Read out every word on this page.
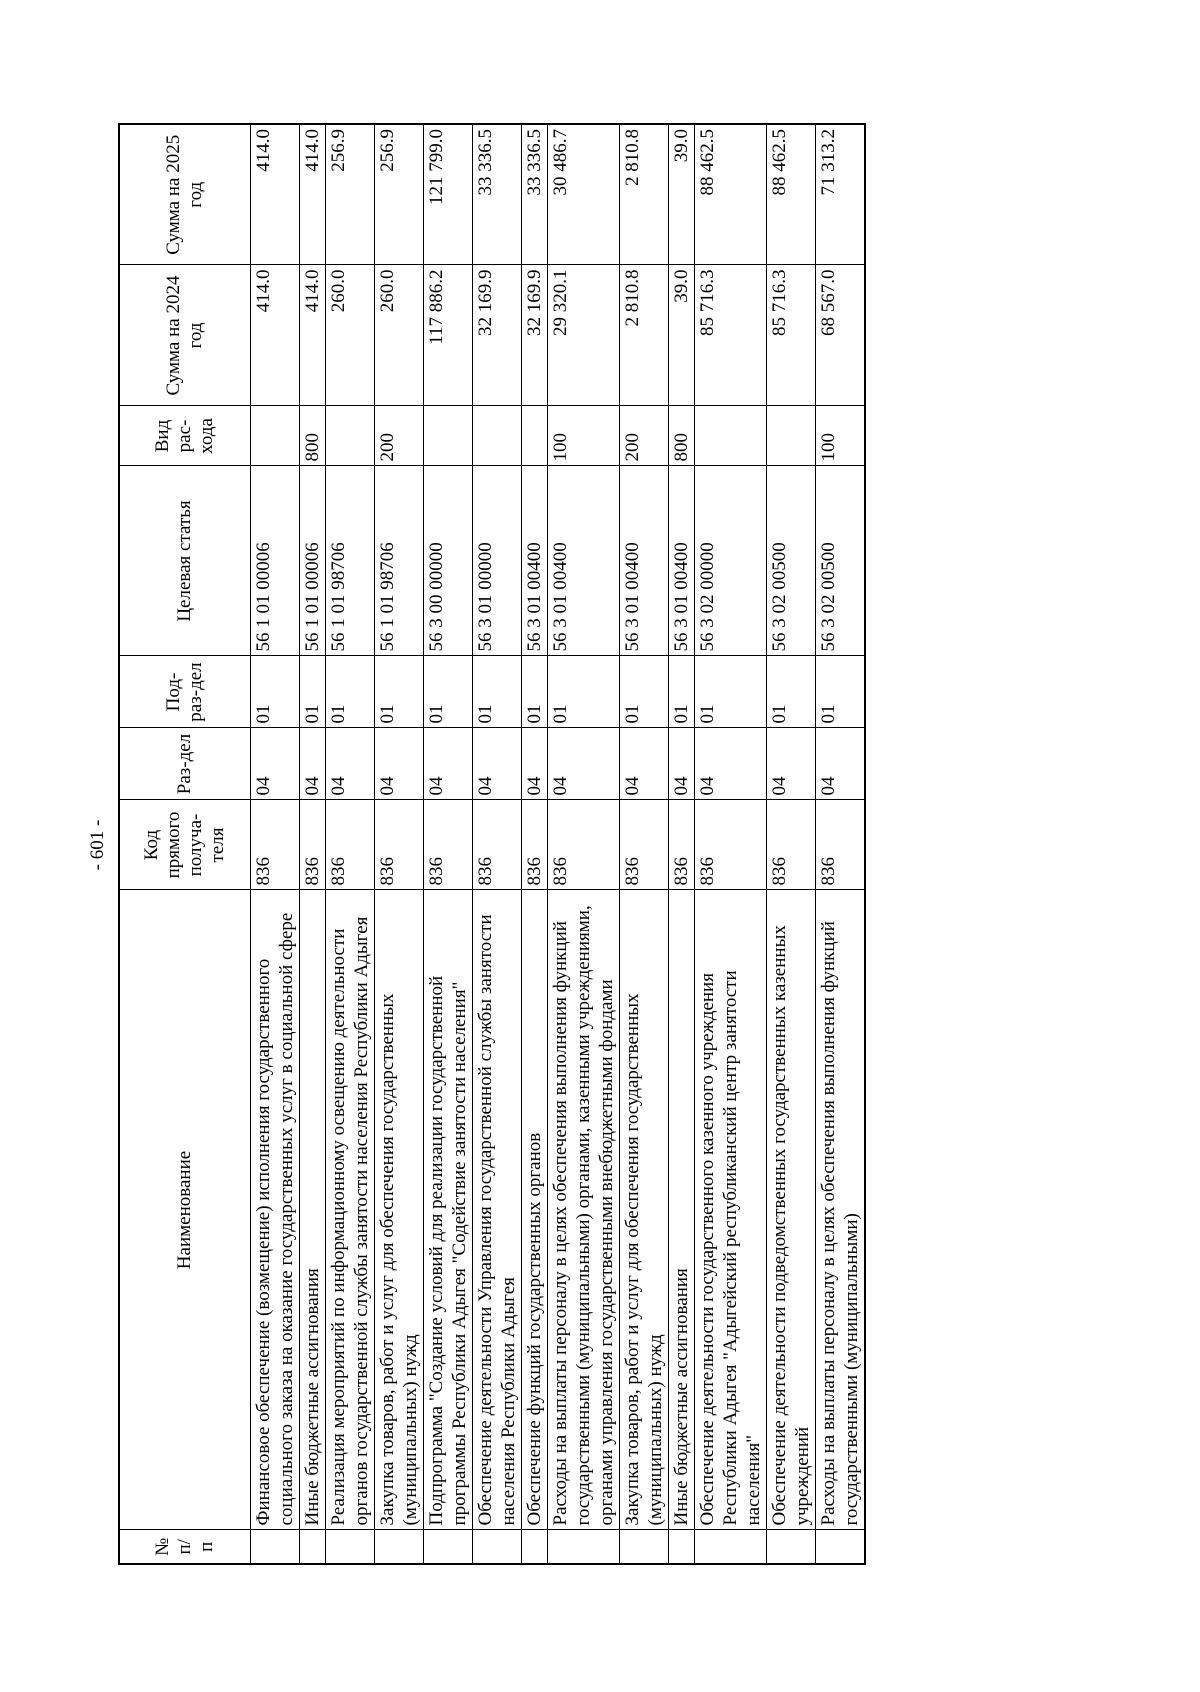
- 601 -
№ п/п	Наименование	Код прямого получа-теля	Раз-дел	Под-раз-дел	Целевая статья	Вид рас-хода	Сумма на 2024 год	Сумма на 2025 год
	Финансовое обеспечение (возмещение) исполнения государственного социального заказа на оказание государственных услуг в социальной сфере	836	04	01	56 1 01 00006		414.0	414.0
	Иные бюджетные ассигнования	836	04	01	56 1 01 00006	800	414.0	414.0
	Реализация мероприятий по информационному освещению деятельности органов государственной службы занятости населения Республики Адыгея	836	04	01	56 1 01 98706		260.0	256.9
	Закупка товаров, работ и услуг для обеспечения государственных (муниципальных) нужд	836	04	01	56 1 01 98706	200	260.0	256.9
	Подпрограмма "Создание условий для реализации государственной программы Республики Адыгея "Содействие занятости населения"	836	04	01	56 3 00 00000		117 886.2	121 799.0
	Обеспечение деятельности Управления государственной службы занятости населения Республики Адыгея	836	04	01	56 3 01 00000		32 169.9	33 336.5
	Обеспечение функций государственных органов	836	04	01	56 3 01 00400		32 169.9	33 336.5
	Расходы на выплаты персоналу в целях обеспечения выполнения функций государственными (муниципальными) органами, казенными учреждениями, органами управления государственными внебюджетными фондами	836	04	01	56 3 01 00400	100	29 320.1	30 486.7
	Закупка товаров, работ и услуг для обеспечения государственных (муниципальных) нужд	836	04	01	56 3 01 00400	200	2 810.8	2 810.8
	Иные бюджетные ассигнования	836	04	01	56 3 01 00400	800	39.0	39.0
	Обеспечение деятельности государственного казенного учреждения Республики Адыгея "Адыгейский республиканский центр занятости населения"	836	04	01	56 3 02 00000		85 716.3	88 462.5
	Обеспечение деятельности подведомственных государственных казенных учреждений	836	04	01	56 3 02 00500		85 716.3	88 462.5
	Расходы на выплаты персоналу в целях обеспечения выполнения функций государственными (муниципальными)	836	04	01	56 3 02 00500	100	68 567.0	71 313.2
